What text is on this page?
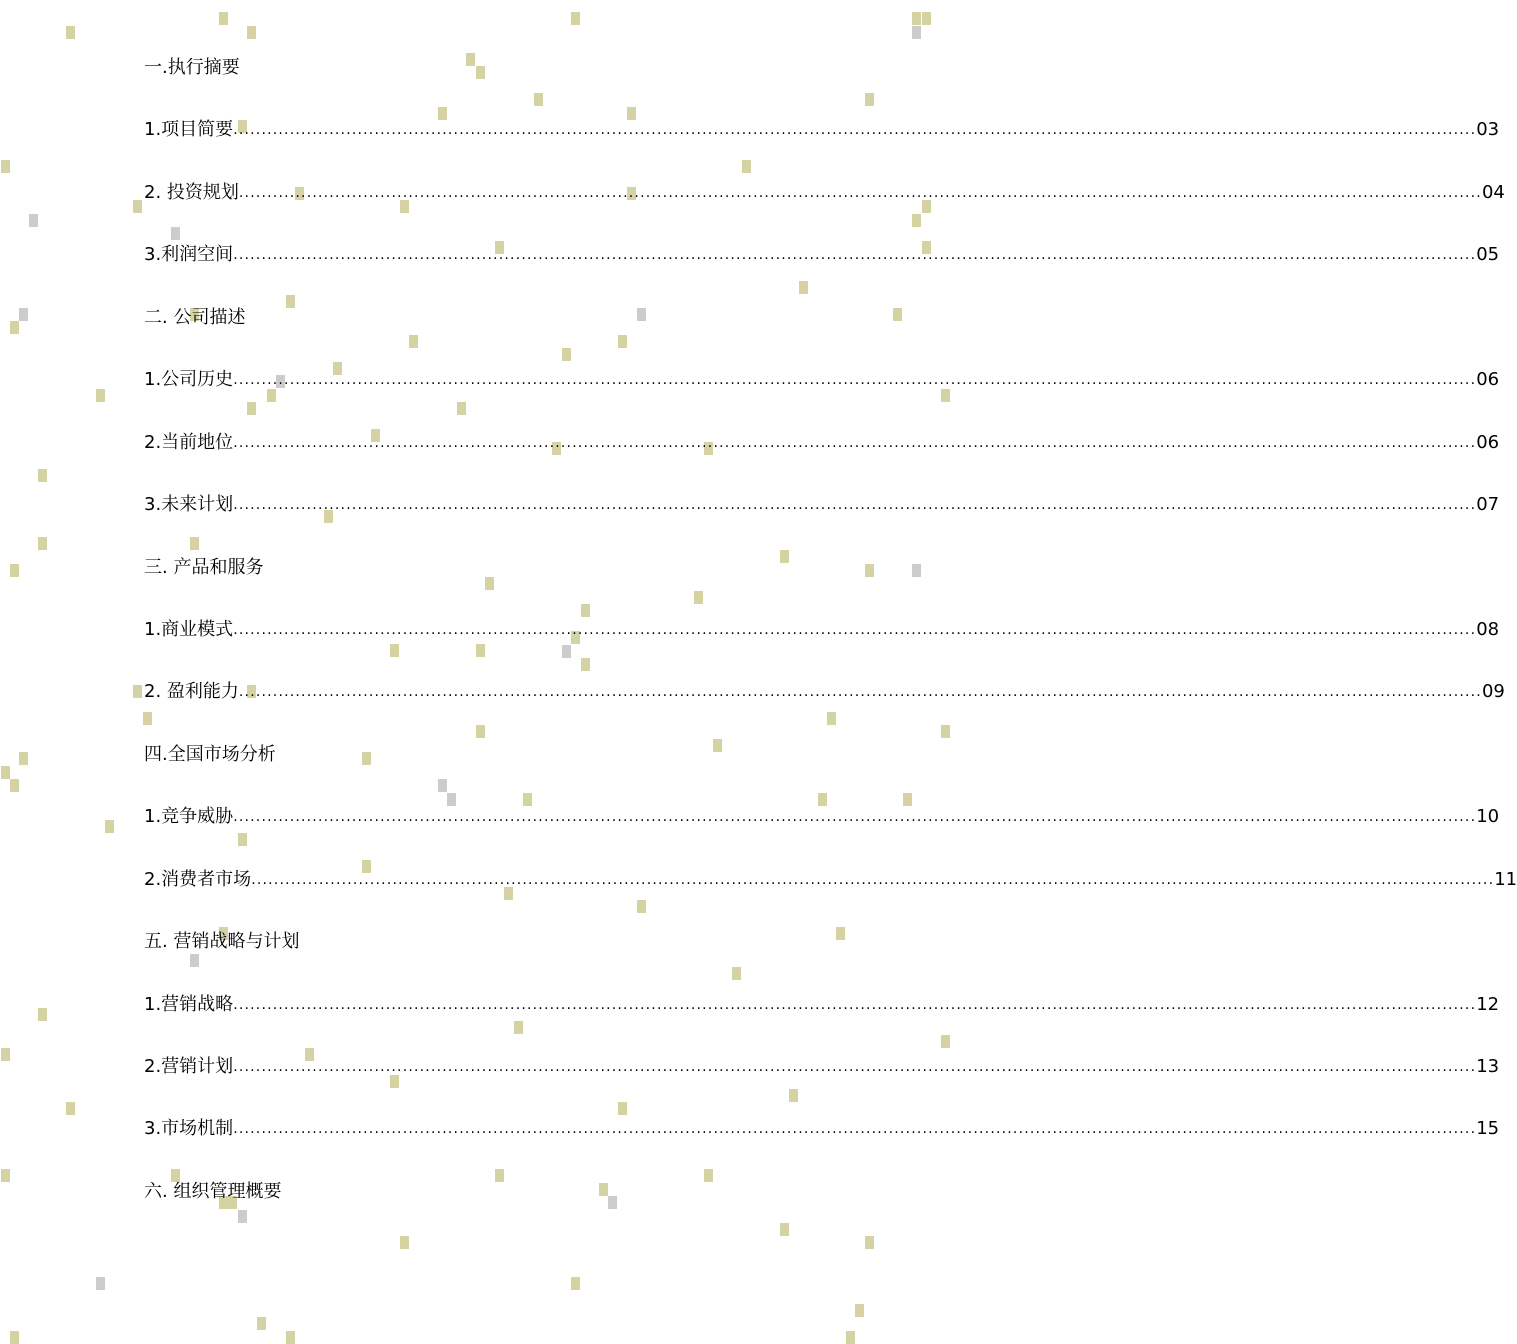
一.执行摘要
1.项目简要 ............................................................................................................................................................................................................................ 03
2. 投资规划 ............................................................................................................................................................................................................................ 04
3.利润空间 ............................................................................................................................................................................................................................ 05
二. 公司描述
1.公司历史 ............................................................................................................................................................................................................................ 06
2.当前地位 ............................................................................................................................................................................................................................ 06
3.未来计划 ............................................................................................................................................................................................................................ 07
三. 产品和服务
1.商业模式 ............................................................................................................................................................................................................................ 08
2. 盈利能力 ............................................................................................................................................................................................................................ 09
四.全国市场分析
1.竞争威胁 ............................................................................................................................................................................................................................ 10
2.消费者市场 ............................................................................................................................................................................................................................ 11
五. 营销战略与计划
1.营销战略 ............................................................................................................................................................................................................................ 12
2.营销计划 ............................................................................................................................................................................................................................ 13
3.市场机制 ............................................................................................................................................................................................................................ 15
六. 组织管理概要
